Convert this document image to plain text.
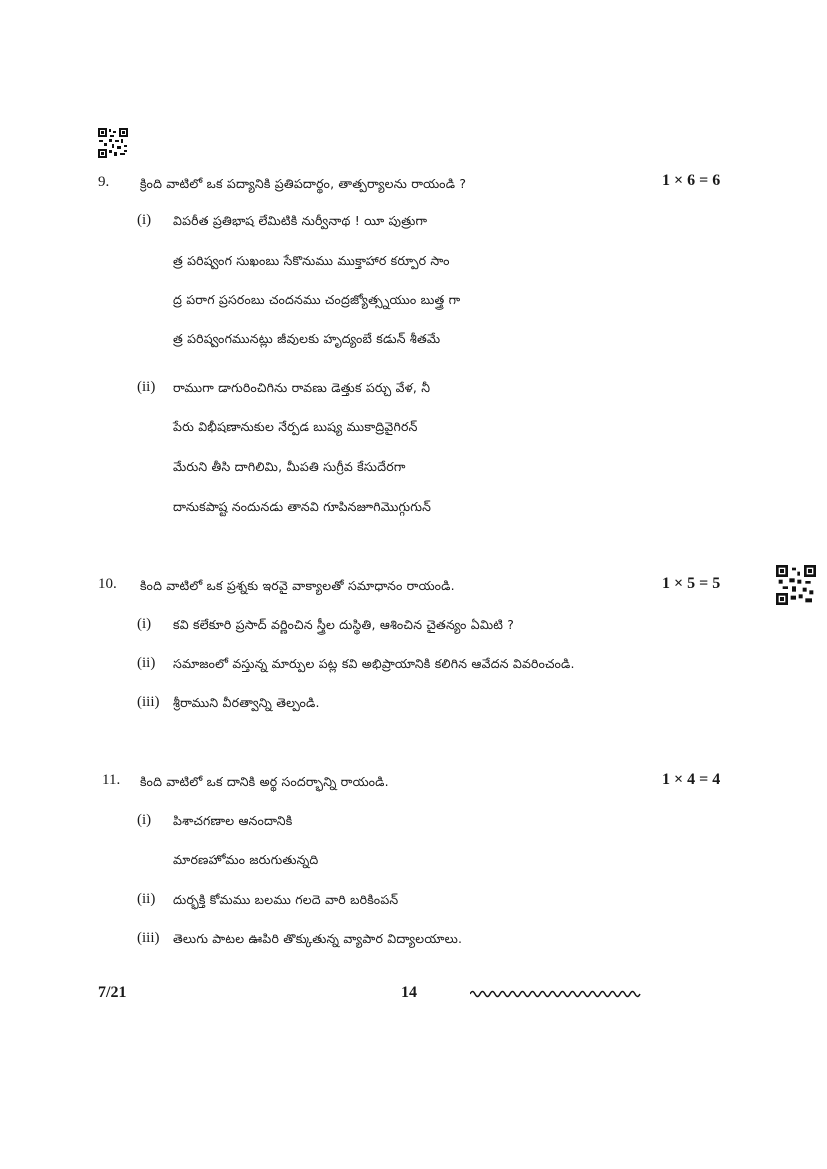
9. క్రింది వాటిలో ఒక పద్యానికి ప్రతిపదార్థం, తాత్పర్యాలను రాయండి ?	1 × 6 = 6
(i) విపరీత ప్రతిభాష లేమిటికి నుర్వీనాథ ! యీ పుత్రుగా
త్ర పరిష్వంగ సుఖంబు సేకొనుము ముక్తాహార కర్పూర సాం
ద్ర పరాగ ప్రసరంబు చందనము చంద్రజ్యోత్స్నయుం బుత్త్ర గా
త్ర పరిష్వంగమునట్లు జీవులకు హృద్యంబే కడున్ శీతమే
(ii) రాముగా డాగురించిగిను రావణు డెత్తుక పర్చు వేళ, నీ
పేరు విభీషణానుకుల నేర్పడ బుష్య ముకాద్రివైగిరన్
మేరుని తీసి దాగిలిమి, మీపతి సుగ్రీవ కేసుదేరగా
దానుకపాష్ట నందునడు తానవి గూపినజూగిమొగ్గుగున్
10. కింది వాటిలో ఒక ప్రశ్నకు ఇరవై వాక్యాలతో సమాధానం రాయండి.	1 × 5 = 5
(i) కవి కలేకూరి ప్రసాద్ వర్ణించిన స్త్రీల దుస్థితి, ఆశించిన చైతన్యం ఏమిటి ?
(ii) సమాజంలో వస్తున్న మార్పుల పట్ల కవి అభిప్రాయానికి కలిగిన ఆవేదన వివరించండి.
(iii) శ్రీరాముని వీరత్వాన్ని తెల్పండి.
11. కింది వాటిలో ఒక దానికి అర్థ సందర్భాన్ని రాయండి.	1 × 4 = 4
(i) పిశాచగణాల ఆనందానికి
మారణహోమం జరుగుతున్నది
(ii) దుర్భక్తి కోమము బలము గలదె వారి బరికింపన్
(iii) తెలుగు పాటల ఊపిరి తొక్కుతున్న వ్యాపార విద్యాలయాలు.
7/21	14
